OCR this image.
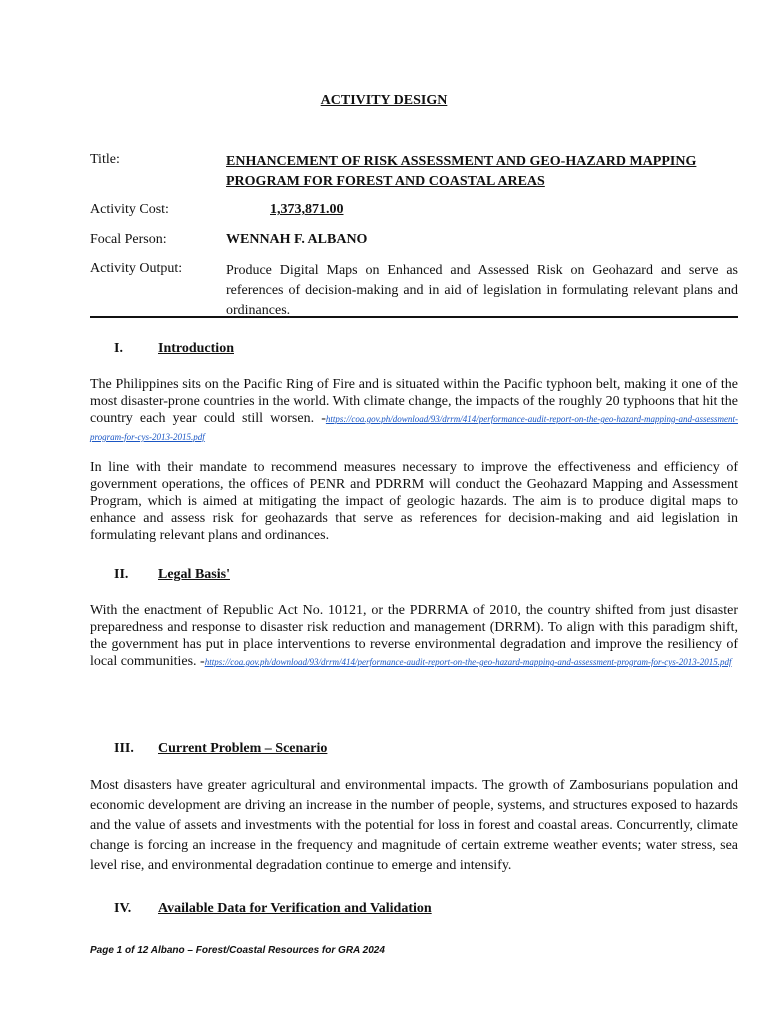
ACTIVITY DESIGN
Title:	ENHANCEMENT OF RISK ASSESSMENT AND GEO-HAZARD MAPPING PROGRAM FOR FOREST AND COASTAL AREAS
Activity Cost:	1,373,871.00
Focal Person:	WENNAH F. ALBANO
Activity Output:	Produce Digital Maps on Enhanced and Assessed Risk on Geohazard and serve as references of decision-making and in aid of legislation in formulating relevant plans and ordinances.
I.	Introduction

The Philippines sits on the Pacific Ring of Fire and is situated within the Pacific typhoon belt, making it one of the most disaster-prone countries in the world. With climate change, the impacts of the roughly 20 typhoons that hit the country each year could still worsen. -https://coa.gov.ph/download/93/drrm/414/performance-audit-report-on-the-geo-hazard-mapping-and-assessment-program-for-cys-2013-2015.pdf

In line with their mandate to recommend measures necessary to improve the effectiveness and efficiency of government operations, the offices of PENR and PDRRM will conduct the Geohazard Mapping and Assessment Program, which is aimed at mitigating the impact of geologic hazards. The aim is to produce digital maps to enhance and assess risk for geohazards that serve as references for decision-making and aid legislation in formulating relevant plans and ordinances.

II. Legal Basis'

With the enactment of Republic Act No. 10121, or the PDRRMA of 2010, the country shifted from just disaster preparedness and response to disaster risk reduction and management (DRRM). To align with this paradigm shift, the government has put in place interventions to reverse environmental degradation and improve the resiliency of local communities. -https://coa.gov.ph/download/93/drrm/414/performance-audit-report-on-the-geo-hazard-mapping-and-assessment-program-for-cys-2013-2015.pdf

III. Current Problem – Scenario

Most disasters have greater agricultural and environmental impacts. The growth of Zambosurians population and economic development are driving an increase in the number of people, systems, and structures exposed to hazards and the value of assets and investments with the potential for loss in forest and coastal areas. Concurrently, climate change is forcing an increase in the frequency and magnitude of certain extreme weather events; water stress, sea level rise, and environmental degradation continue to emerge and intensify.

IV. Available Data for Verification and Validation
Page 1 of 12 Albano – Forest/Coastal Resources for GRA 2024
